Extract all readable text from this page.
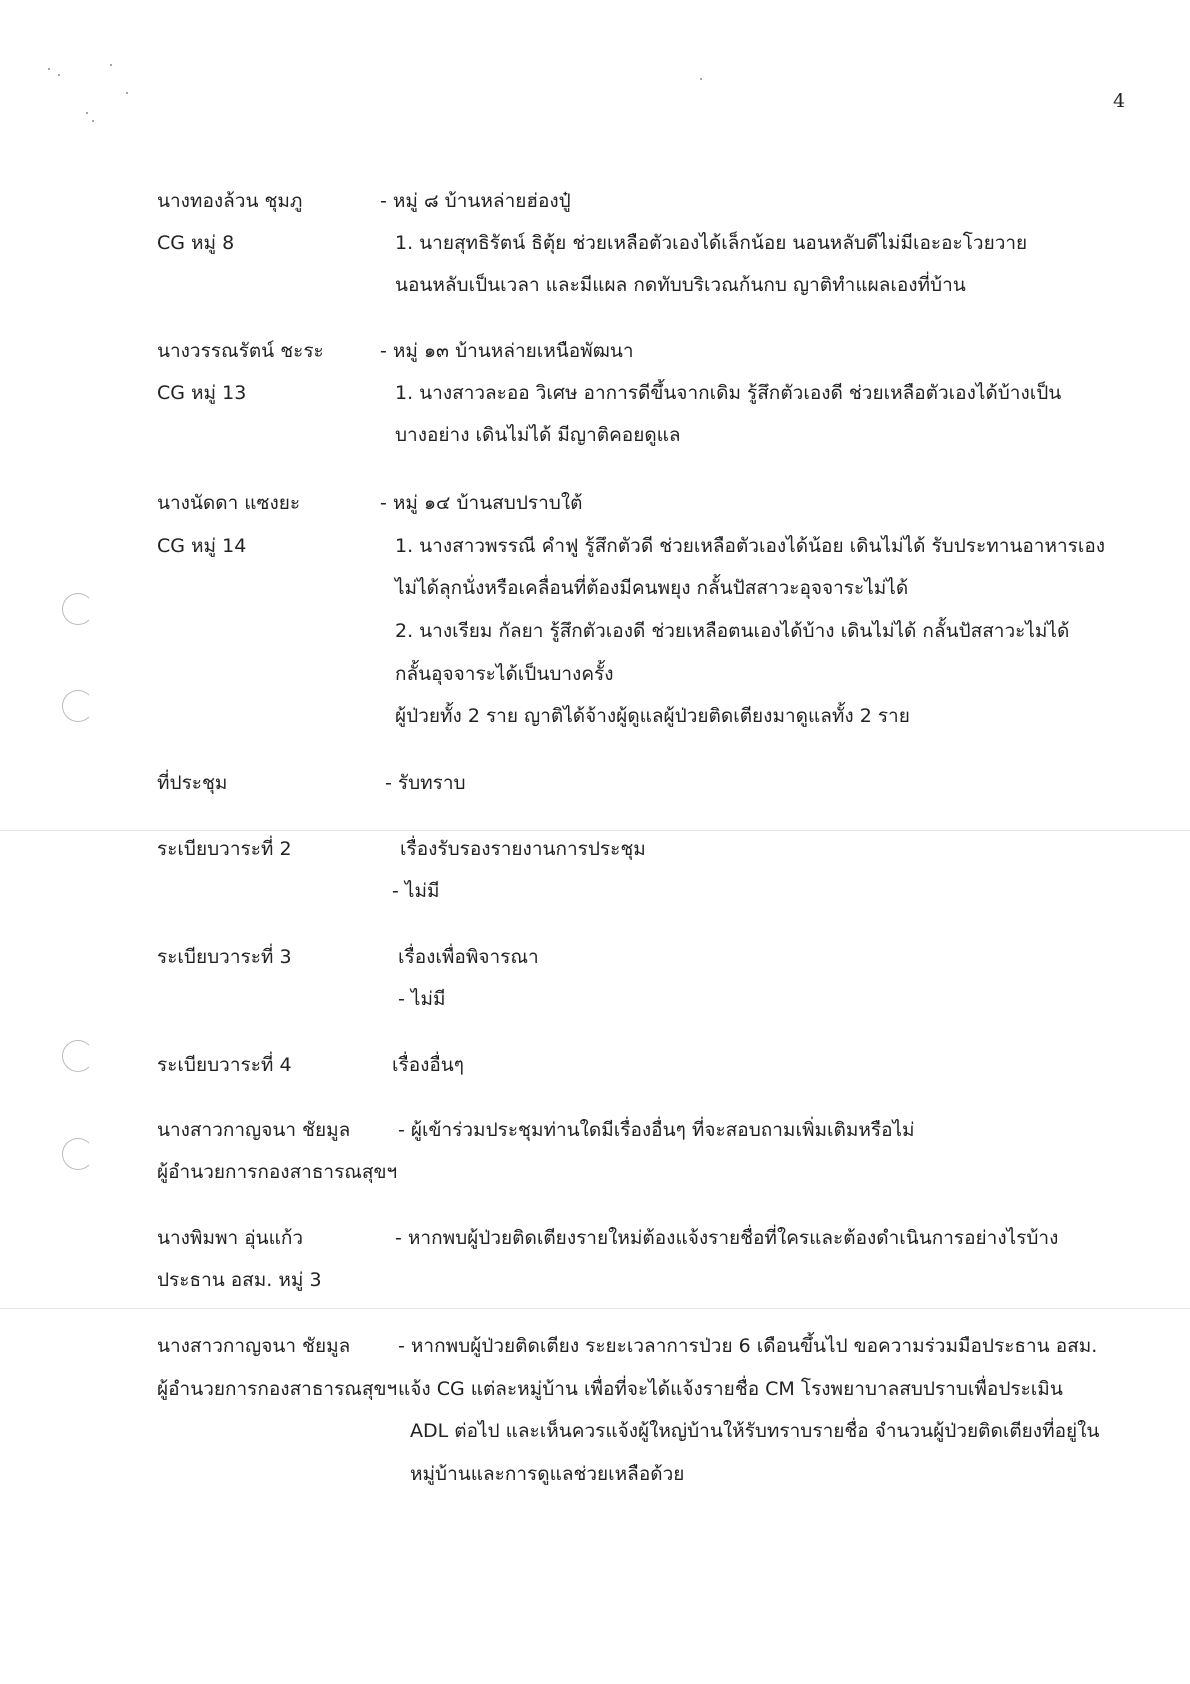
4
นางทองล้วน ชุมภู	- หมู่ ๘ บ้านหล่ายฮ่องปู๋
CG หมู่ 8	1. นายสุทธิรัตน์ ธิตุ้ย ช่วยเหลือตัวเองได้เล็กน้อย นอนหลับดีไม่มีเอะอะโวยวาย
นอนหลับเป็นเวลา และมีแผล กดทับบริเวณก้นกบ ญาติทำแผลเองที่บ้าน
นางวรรณรัตน์ ชะระ	- หมู่ ๑๓ บ้านหล่ายเหนือพัฒนา
CG หมู่ 13	1. นางสาวละออ วิเศษ อาการดีขึ้นจากเดิม รู้สึกตัวเองดี ช่วยเหลือตัวเองได้บ้างเป็น
บางอย่าง เดินไม่ได้ มีญาติคอยดูแล
นางนัดดา แซงยะ	- หมู่ ๑๔ บ้านสบปราบใต้
CG หมู่ 14	1. นางสาวพรรณี คำฟู รู้สึกตัวดี ช่วยเหลือตัวเองได้น้อย เดินไม่ได้ รับประทานอาหารเอง
ไม่ได้ลุกนั่งหรือเคลื่อนที่ต้องมีคนพยุง กลั้นปัสสาวะอุจจาระไม่ได้
2. นางเรียม กัลยา รู้สึกตัวเองดี ช่วยเหลือตนเองได้บ้าง เดินไม่ได้ กลั้นปัสสาวะไม่ได้
กลั้นอุจจาระได้เป็นบางครั้ง
ผู้ป่วยทั้ง 2 ราย ญาติได้จ้างผู้ดูแลผู้ป่วยติดเตียงมาดูแลทั้ง 2 ราย
ที่ประชุม	- รับทราบ
ระเบียบวาระที่ 2	เรื่องรับรองรายงานการประชุม
- ไม่มี
ระเบียบวาระที่ 3	เรื่องเพื่อพิจารณา
- ไม่มี
ระเบียบวาระที่ 4	เรื่องอื่นๆ
นางสาวกาญจนา ชัยมูล	- ผู้เข้าร่วมประชุมท่านใดมีเรื่องอื่นๆ ที่จะสอบถามเพิ่มเติมหรือไม่
ผู้อำนวยการกองสาธารณสุขฯ
นางพิมพา อุ่นแก้ว	- หากพบผู้ป่วยติดเตียงรายใหม่ต้องแจ้งรายชื่อที่ใครและต้องดำเนินการอย่างไรบ้าง
ประธาน อสม. หมู่ 3
นางสาวกาญจนา ชัยมูล	- หากพบผู้ป่วยติดเตียง ระยะเวลาการป่วย 6 เดือนขึ้นไป ขอความร่วมมือประธาน อสม.
ผู้อำนวยการกองสาธารณสุขฯ แจ้ง CG แต่ละหมู่บ้าน เพื่อที่จะได้แจ้งรายชื่อ CM โรงพยาบาลสบปราบเพื่อประเมิน
ADL ต่อไป และเห็นควรแจ้งผู้ใหญ่บ้านให้รับทราบรายชื่อ จำนวนผู้ป่วยติดเตียงที่อยู่ใน
หมู่บ้านและการดูแลช่วยเหลือด้วย
